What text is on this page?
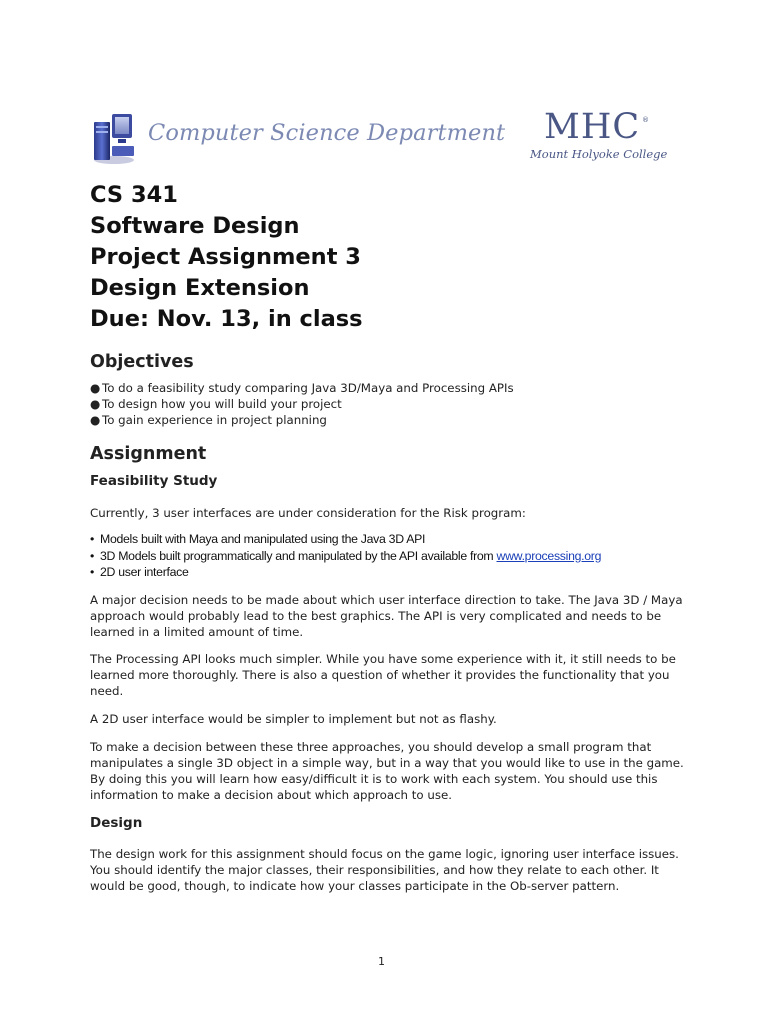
Computer Science Department MHC ®
Mount Holyoke College
CS 341
Software Design
Project Assignment 3
Design Extension
Due: Nov. 13, in class
Objectives
● To do a feasibility study comparing Java 3D/Maya and Processing APIs
● To design how you will build your project
● To gain experience in project planning
Assignment
Feasibility Study

Currently, 3 user interfaces are under consideration for the Risk program:

• Models built with Maya and manipulated using the Java 3D API
• 3D Models built programmatically and manipulated by the API available from www.processing.org
• 2D user interface

A major decision needs to be made about which user interface direction to take. The Java 3D / Maya approach would probably lead to the best graphics. The API is very complicated and needs to be learned in a limited amount of time.

The Processing API looks much simpler. While you have some experience with it, it still needs to be learned more thoroughly. There is also a question of whether it provides the functionality that you need.

A 2D user interface would be simpler to implement but not as flashy.

To make a decision between these three approaches, you should develop a small program that manipulates a single 3D object in a simple way, but in a way that you would like to use in the game. By doing this you will learn how easy/difficult it is to work with each system. You should use this information to make a decision about which approach to use.

Design

The design work for this assignment should focus on the game logic, ignoring user interface issues. You should identify the major classes, their responsibilities, and how they relate to each other. It would be good, though, to indicate how your classes participate in the Ob-server pattern.

1
